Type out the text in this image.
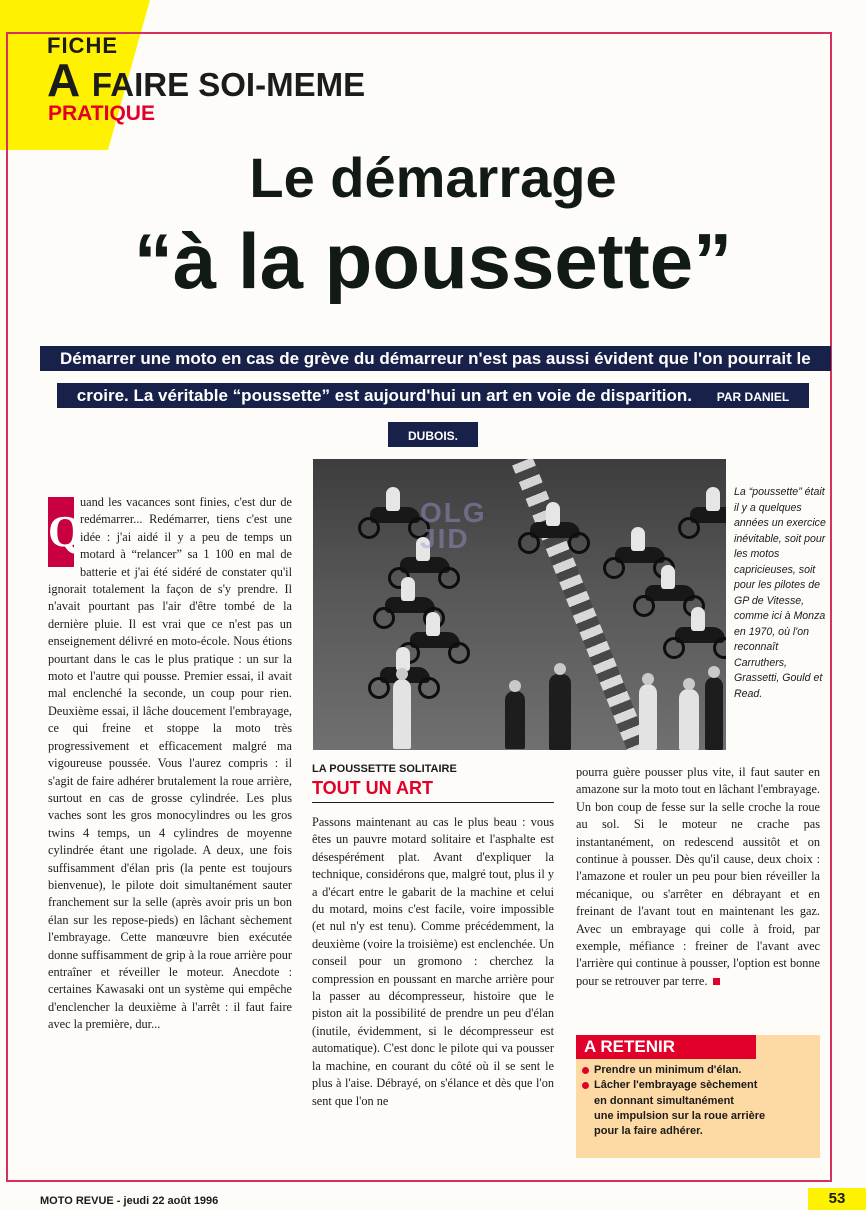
FICHE
A FAIRE SOI-MEME
PRATIQUE
Le démarrage
“à la poussette”
Démarrer une moto en cas de grève du démarreur n'est pas aussi évident que l'on pourrait le croire. La véritable “poussette” est aujourd'hui un art en voie de disparition. PAR DANIEL DUBOIS.
Q
uand les vacances sont finies, c'est dur de redémarrer... Redémarrer, tiens c'est une idée : j'ai aidé il y a peu de temps un motard à “relancer” sa 1 100 en mal de batterie et j'ai été sidéré de constater qu'il ignorait totalement la façon de s'y prendre. Il n'avait pourtant pas l'air d'être tombé de la dernière pluie. Il est vrai que ce n'est pas un enseignement délivré en moto-école. Nous étions pourtant dans le cas le plus pratique : un sur la moto et l'autre qui pousse. Premier essai, il avait mal enclenché la seconde, un coup pour rien. Deuxième essai, il lâche doucement l'embrayage, ce qui freine et stoppe la moto très progressivement et efficacement malgré ma vigoureuse poussée. Vous l'aurez compris : il s'agit de faire adhérer brutalement la roue arrière, surtout en cas de grosse cylindrée. Les plus vaches sont les gros monocylindres ou les gros twins 4 temps, un 4 cylindres de moyenne cylindrée étant une rigolade. A deux, une fois suffisamment d'élan pris (la pente est toujours bienvenue), le pilote doit simultanément sauter franchement sur la selle (après avoir pris un bon élan sur les repose-pieds) en lâchant sèchement l'embrayage. Cette manœuvre bien exécutée donne suffisamment de grip à la roue arrière pour entraîner et réveiller le moteur. Anecdote : certaines Kawasaki ont un système qui empêche d'enclencher la deuxième à l'arrêt : il faut faire avec la première, dur...
OLG
JID
La “poussette” était il y a quelques années un exercice inévitable, soit pour les motos capricieuses, soit pour les pilotes de GP de Vitesse, comme ici à Monza en 1970, où l'on reconnaît Carruthers, Grassetti, Gould et Read.
LA POUSSETTE SOLITAIRE
TOUT UN ART
Passons maintenant au cas le plus beau : vous êtes un pauvre motard solitaire et l'asphalte est désespérément plat. Avant d'expliquer la technique, considérons que, malgré tout, plus il y a d'écart entre le gabarit de la machine et celui du motard, moins c'est facile, voire impossible (et nul n'y est tenu). Comme précédemment, la deuxième (voire la troisième) est enclenchée. Un conseil pour un gromono : cherchez la compression en poussant en marche arrière pour la passer au décompresseur, histoire que le piston ait la possibilité de prendre un peu d'élan (inutile, évidemment, si le décompresseur est automatique). C'est donc le pilote qui va pousser la machine, en courant du côté où il se sent le plus à l'aise. Débrayé, on s'élance et dès que l'on sent que l'on ne
pourra guère pousser plus vite, il faut sauter en amazone sur la moto tout en lâchant l'embrayage. Un bon coup de fesse sur la selle croche la roue au sol. Si le moteur ne crache pas instantanément, on redescend aussitôt et on continue à pousser. Dès qu'il cause, deux choix : l'amazone et rouler un peu pour bien réveiller la mécanique, ou s'arrêter en débrayant et en freinant de l'avant tout en maintenant les gaz. Avec un embrayage qui colle à froid, par exemple, méfiance : freiner de l'avant avec l'arrière qui continue à pousser, l'option est bonne pour se retrouver par terre.
A RETENIR
Prendre un minimum d'élan.
Lâcher l'embrayage sèchement
en donnant simultanément
une impulsion sur la roue arrière
pour la faire adhérer.
MOTO REVUE - jeudi 22 août 1996	53
